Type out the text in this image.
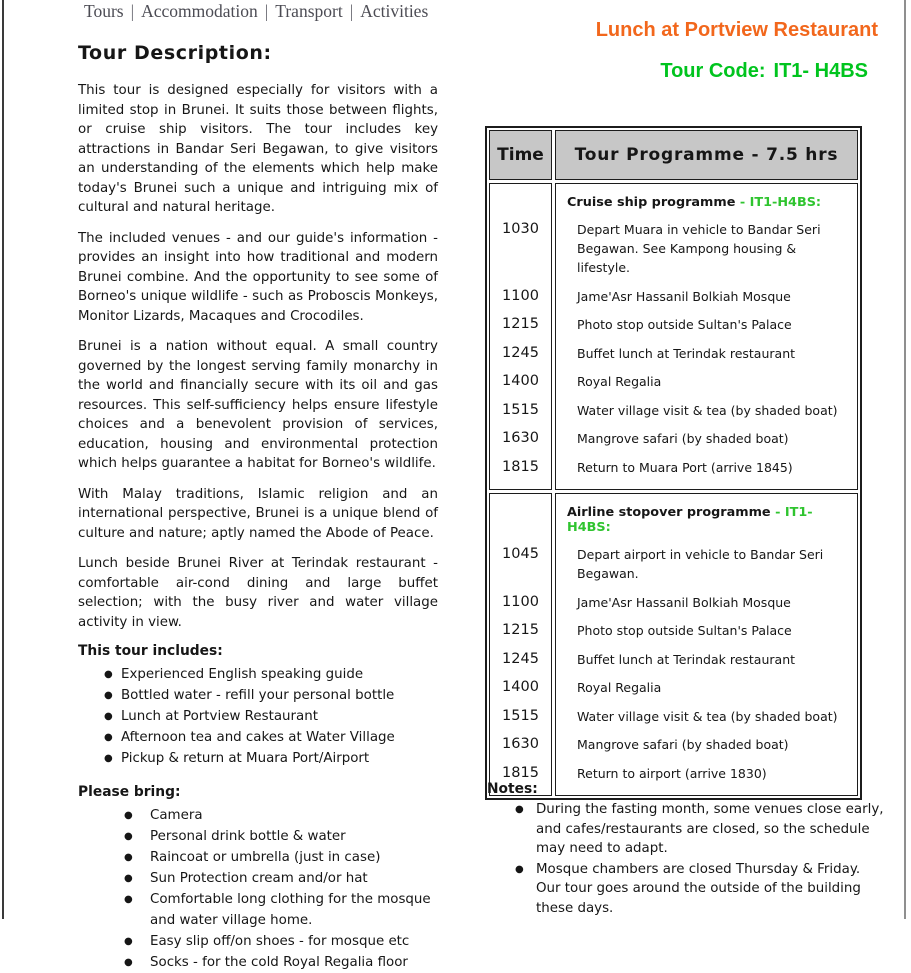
Tours | Accommodation | Transport | Activities
Tour Description:
This tour is designed especially for visitors with a limited stop in Brunei. It suits those between flights, or cruise ship visitors. The tour includes key attractions in Bandar Seri Begawan, to give visitors an understanding of the elements which help make today's Brunei such a unique and intriguing mix of cultural and natural heritage.
The included venues - and our guide's information - provides an insight into how traditional and modern Brunei combine. And the opportunity to see some of Borneo's unique wildlife - such as Proboscis Monkeys, Monitor Lizards, Macaques and Crocodiles.
Brunei is a nation without equal. A small country governed by the longest serving family monarchy in the world and financially secure with its oil and gas resources. This self-sufficiency helps ensure lifestyle choices and a benevolent provision of services, education, housing and environmental protection which helps guarantee a habitat for Borneo's wildlife.
With Malay traditions, Islamic religion and an international perspective, Brunei is a unique blend of culture and nature; aptly named the Abode of Peace.
Lunch beside Brunei River at Terindak restaurant - comfortable air-cond dining and large buffet selection; with the busy river and water village activity in view.
This tour includes:
● Experienced English speaking guide
● Bottled water - refill your personal bottle
● Lunch at Portview Restaurant
● Afternoon tea and cakes at Water Village
● Pickup & return at Muara Port/Airport
Please bring:
● Camera
● Personal drink bottle & water
● Raincoat or umbrella (just in case)
● Sun Protection cream and/or hat
● Comfortable long clothing for the mosque and water village home.
● Easy slip off/on shoes - for mosque etc
● Socks - for the cold Royal Regalia floor
Lunch at Portview Restaurant
Tour Code: IT1- H4BS
Time	Tour Programme - 7.5 hrs
Cruise ship programme - IT1-H4BS:
1030	Depart Muara in vehicle to Bandar Seri Begawan. See Kampong housing & lifestyle.
1100	Jame'Asr Hassanil Bolkiah Mosque
1215	Photo stop outside Sultan's Palace
1245	Buffet lunch at Terindak restaurant
1400	Royal Regalia
1515	Water village visit & tea (by shaded boat)
1630	Mangrove safari (by shaded boat)
1815	Return to Muara Port (arrive 1845)
Airline stopover programme - IT1-H4BS:
1045	Depart airport in vehicle to Bandar Seri Begawan.
1100	Jame'Asr Hassanil Bolkiah Mosque
1215	Photo stop outside Sultan's Palace
1245	Buffet lunch at Terindak restaurant
1400	Royal Regalia
1515	Water village visit & tea (by shaded boat)
1630	Mangrove safari (by shaded boat)
1815	Return to airport (arrive 1830)
Notes:
● During the fasting month, some venues close early, and cafes/restaurants are closed, so the schedule may need to adapt.
● Mosque chambers are closed Thursday & Friday. Our tour goes around the outside of the building these days.
